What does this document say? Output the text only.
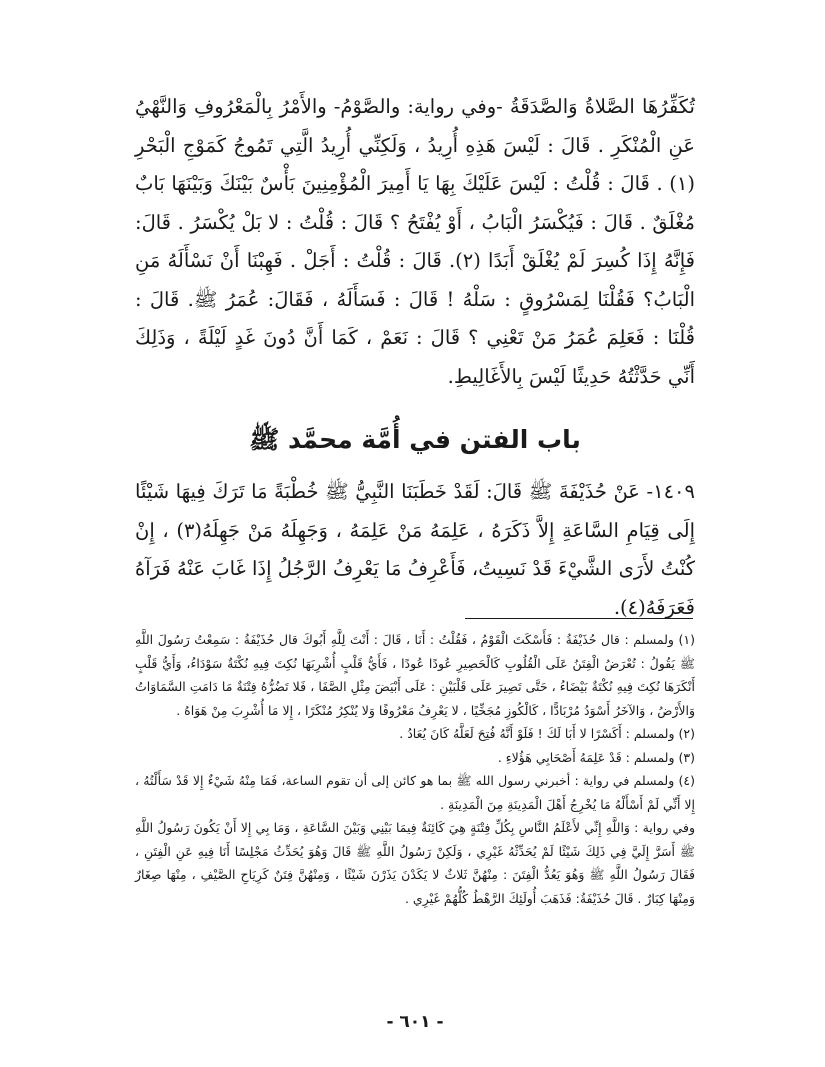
تُكَفِّرُهَا الصَّلاةُ وَالصَّدَقَةُ -وفي رواية: والصَّوْمُ- والأَمْرُ بِالْمَعْرُوفِ وَالنَّهْيُ عَنِ الْمُنْكَرِ . قَالَ : لَيْسَ هَذِهِ أُرِيدُ ، وَلَكِنِّي أُرِيدُ الَّتِي تَمُوجُ كَمَوْجِ الْبَحْرِ (١) . قَالَ : قُلْتُ : لَيْسَ عَلَيْكَ بِهَا يَا أَمِيرَ الْمُؤْمِنِينَ بَأْسٌ بَيْنَكَ وَبَيْنَهَا بَابٌ مُغْلَقٌ . قَالَ : فَيُكْسَرُ الْبَابُ ، أَوْ يُفْتَحُ ؟ قَالَ : قُلْتُ : لا بَلْ يُكْسَرُ . قَالَ: فَإِنَّهُ إِذَا كُسِرَ لَمْ يُغْلَقْ أَبَدًا (٢). قَالَ : قُلْتُ : أَجَلْ . فَهِبْنَا أَنْ نَسْأَلَهُ مَنِ الْبَابُ؟ فَقُلْنَا لِمَسْرُوقٍ : سَلْهُ ! قَالَ : فَسَأَلَهُ ، فَقَالَ: عُمَرُ ﷺ. قَالَ : قُلْنَا : فَعَلِمَ عُمَرُ مَنْ تَعْنِي ؟ قَالَ : نَعَمْ ، كَمَا أَنَّ دُونَ غَدٍ لَيْلَةً ، وَذَلِكَ أَنِّي حَدَّثْتُهُ حَدِيثًا لَيْسَ بِالأَغَالِيطِ.

باب الفتن في أُمَّة محمَّد ﷺ

١٤٠٩- عَنْ حُذَيْفَةَ ﷺ قَالَ: لَقَدْ خَطَبَنَا النَّبِيُّ ﷺ خُطْبَةً مَا تَرَكَ فِيهَا شَيْئًا إِلَى قِيَامِ السَّاعَةِ إِلاَّ ذَكَرَهُ ، عَلِمَهُ مَنْ عَلِمَهُ ، وَجَهِلَهُ مَنْ جَهِلَهُ(٣) ، إِنْ كُنْتُ لأَرَى الشَّيْءَ قَدْ نَسِيتُ، فَأَعْرِفُ مَا يَعْرِفُ الرَّجُلُ إِذَا غَابَ عَنْهُ فَرَآهُ فَعَرَفَهُ(٤).

(١) ولمسلم : قال حُذَيْفَةُ : فَأَسْكَتَ الْقَوْمُ ، فَقُلْتُ : أَنَا ، قَالَ : أَنْتَ لِلَّهِ أَبُوكَ قال حُذَيْفَةُ : سَمِعْتُ رَسُولَ اللَّهِ ﷺ يَقُولُ : تُعْرَضُ الْفِتَنُ عَلَى الْقُلُوبِ كَالْحَصِيرِ عُودًا عُودًا ، فَأَيُّ قَلْبٍ أُشْرِبَهَا نُكِتَ فِيهِ نُكْتَةٌ سَوْدَاءُ، وَأَيُّ قَلْبٍ أَنْكَرَهَا نُكِتَ فِيهِ نُكْتَةٌ بَيْضَاءُ ، حَتَّى تَصِيرَ عَلَى قَلْبَيْنِ : عَلَى أَبْيَضَ مِثْلِ الصَّفَا ، فَلا تَضُرُّهُ فِتْنَةٌ مَا دَامَتِ السَّمَاوَاتُ وَالأَرْضُ ، وَالآخَرُ أَسْوَدُ مُرْبَادًّا ، كَالْكُوزِ مُجَخِّيًا ، لا يَعْرِفُ مَعْرُوفًا وَلا يُنْكِرُ مُنْكَرًا ، إِلا مَا أُشْرِبَ مِنْ هَوَاهُ .

(٢) ولمسلم : أَكَسْرًا لا أَبَا لَكَ ! فَلَوْ أَنَّهُ فُتِحَ لَعَلَّهُ كَانَ يُعَادُ .

(٣) ولمسلم : قَدْ عَلِمَهُ أَصْحَابِي هَؤُلاءِ .

(٤) ولمسلم في رواية : أخبرني رسول الله ﷺ بما هو كائن إلى أن تقوم الساعة، فَمَا مِنْهُ شَيْءٌ إِلا قَدْ سَأَلْتُهُ ، إِلا أَنِّي لَمْ أَسْأَلْهُ مَا يُخْرِجُ أَهْلَ الْمَدِينَةِ مِنَ الْمَدِينَةِ .

وفي رواية : وَاللَّهِ إِنِّي لأَعْلَمُ النَّاسِ بِكُلِّ فِتْنَةٍ هِيَ كَائِنَةٌ فِيمَا بَيْنِي وَبَيْنَ السَّاعَةِ ، وَمَا بِي إِلا أَنْ يَكُونَ رَسُولُ اللَّهِ ﷺ أَسَرَّ إِلَيَّ فِي ذَلِكَ شَيْئًا لَمْ يُحَدِّثْهُ غَيْرِي ، وَلَكِنْ رَسُولُ اللَّهِ ﷺ قَالَ وَهُوَ يُحَدِّثُ مَجْلِسًا أَنَا فِيهِ عَنِ الْفِتَنِ ، فَقَالَ رَسُولُ اللَّهِ ﷺ وَهُوَ يَعُدُّ الْفِتَنَ : مِنْهُنَّ ثَلاثٌ لا يَكَدْنَ يَذَرْنَ شَيْئًا ، وَمِنْهُنَّ فِتَنٌ كَرِيَاحِ الصَّيْفِ ، مِنْهَا صِغَارٌ وَمِنْهَا كِبَارٌ . قَالَ حُذَيْفَةُ: فَذَهَبَ أُولَئِكَ الرَّهْطُ كُلُّهُمْ غَيْرِي .

- ٦٠١ -
